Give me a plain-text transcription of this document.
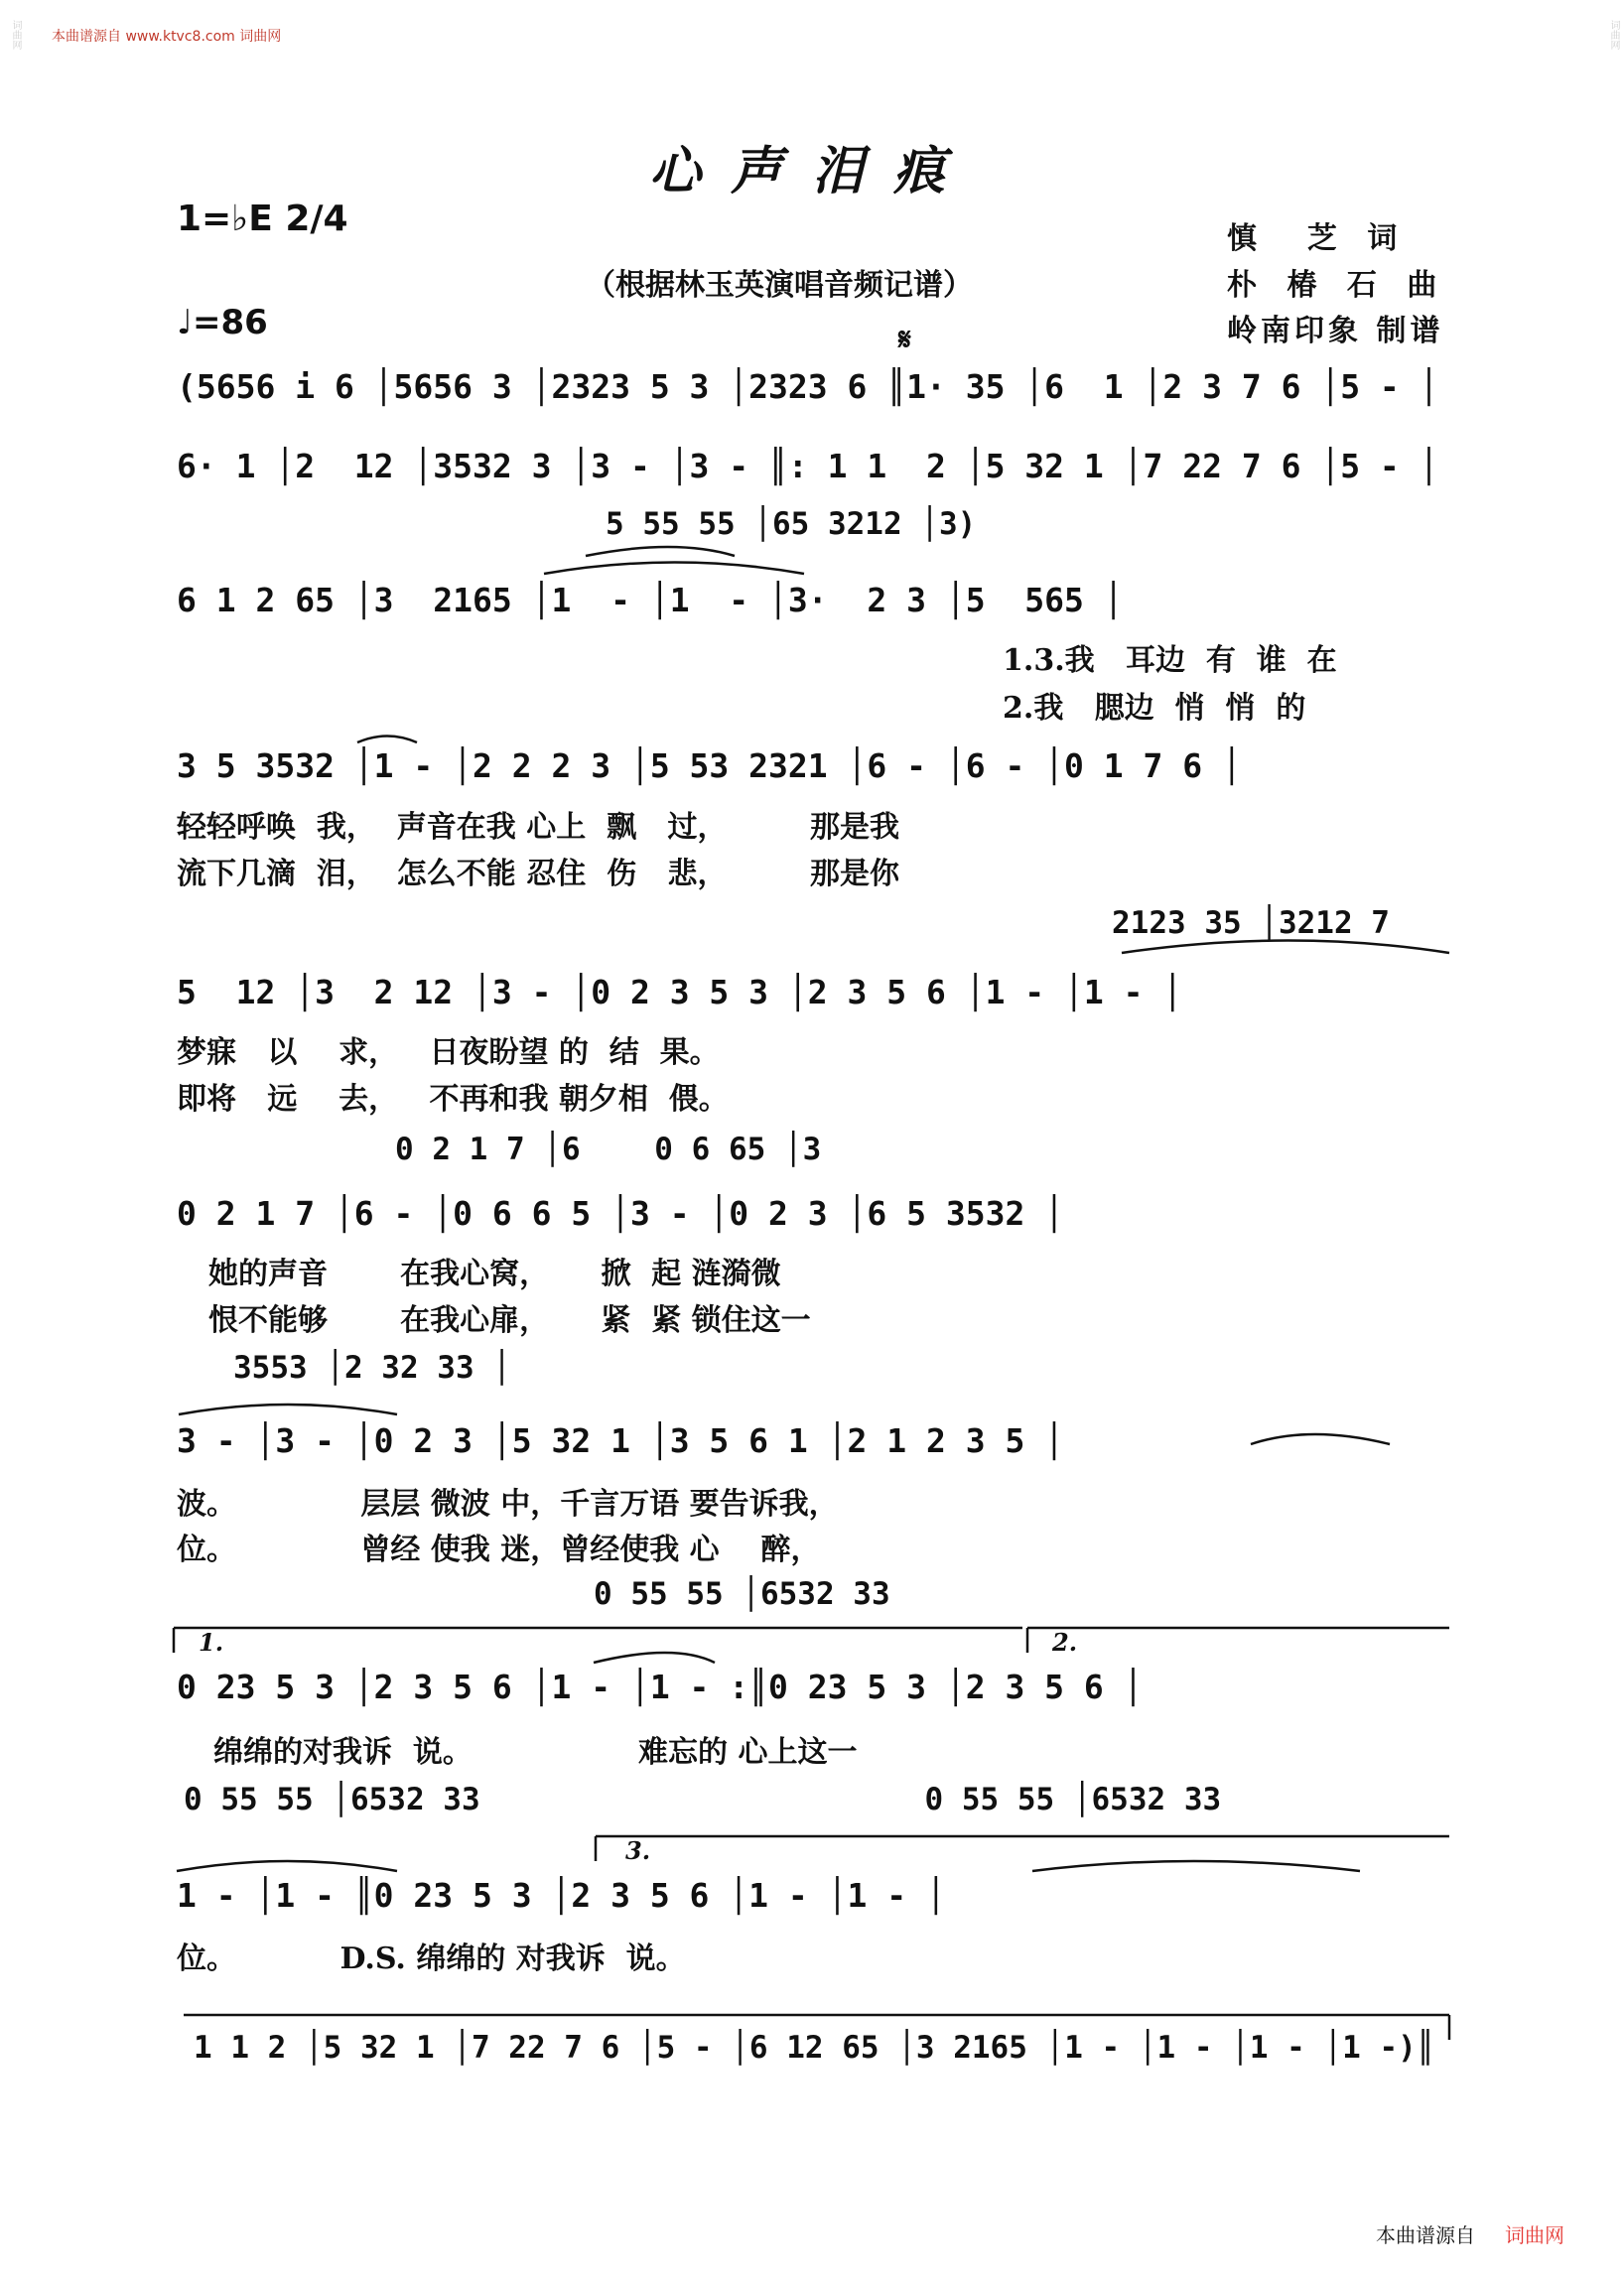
本曲谱源自 www.ktvc8.com 词曲网
词曲网	词曲网
心声泪痕
1=♭E 2/4
（根据林玉英演唱音频记谱）
慎  芝 词
朴 椿 石 曲
岭南印象 制谱
♩=86	𝄋
(5656 i 6 │5656 3 │2323 5 3 │2323 6 ║1· 35 │6  1 │2 3 7 6 │5 - │
6· 1 │2  12 │3532 3 │3 - │3 - ║: 1 1  2 │5 32 1 │7 22 7 6 │5 - │
5 55 55 │65 3212 │3)
6 1 2 65 │3  2165 │1  - │1  - │3·  2 3 │5  565 │
1.3.我   耳边  有  谁  在
2.我   腮边  悄  悄  的
3 5 3532 │1 - │2 2 2 3 │5 53 2321 │6 - │6 - │0 1 7 6 │
轻轻呼唤  我，  声音在我 心上  飘   过，        那是我
流下几滴  泪，  怎么不能 忍住  伤   悲，        那是你
2123 35 │3212 7
5  12 │3  2 12 │3 - │0 2 3 5 3 │2 3 5 6 │1 - │1 - │
梦寐   以    求，   日夜盼望 的  结  果。
即将   远    去，   不再和我 朝夕相  偎。
0 2 1 7 │6    0 6 65 │3
0 2 1 7 │6 - │0 6 6 5 │3 - │0 2 3 │6 5 3532 │
她的声音       在我心窝，     掀  起 涟漪微
恨不能够       在我心扉，     紧  紧 锁住这一
3553 │2 32 33 │
3 - │3 - │0 2 3 │5 32 1 │3 5 6 1 │2 1 2 3 5 │
波。            层层 微波 中，千言万语 要告诉我，
位。            曾经 使我 迷，曾经使我 心    醉，
0 55 55 │6532 33
1.	2.
0 23 5 3 │2 3 5 6 │1 - │1 - :║0 23 5 3 │2 3 5 6 │
绵绵的对我诉  说。                难忘的 心上这一
0 55 55 │6532 33                        0 55 55 │6532 33
3.
1 - │1 - ║0 23 5 3 │2 3 5 6 │1 - │1 - │
位。          D.S. 绵绵的 对我诉  说。
1 1 2 │5 32 1 │7 22 7 6 │5 - │6 12 65 │3 2165 │1 - │1 - │1 - │1 -)║
本曲谱源自 词曲网
